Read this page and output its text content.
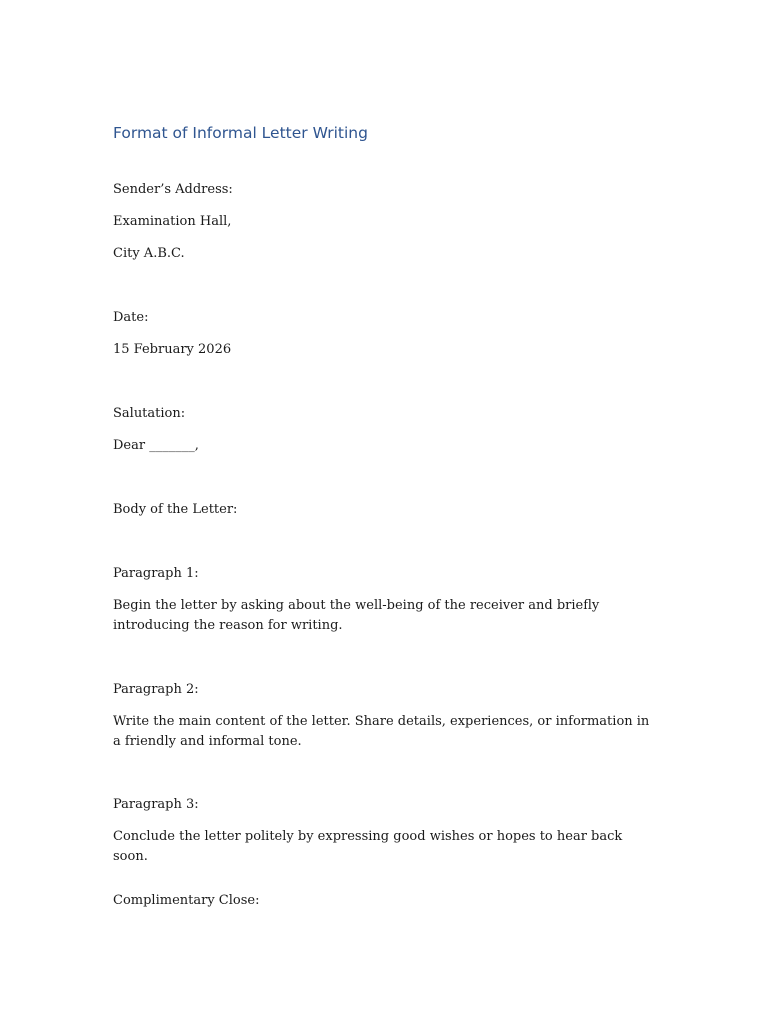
Format of Informal Letter Writing

Sender’s Address:

Examination Hall,

City A.B.C.

Date:

15 February 2026

Salutation:

Dear _______,

Body of the Letter:

Paragraph 1:

Begin the letter by asking about the well-being of the receiver and briefly introducing the reason for writing.

Paragraph 2:

Write the main content of the letter. Share details, experiences, or information in a friendly and informal tone.

Paragraph 3:

Conclude the letter politely by expressing good wishes or hopes to hear back soon.

Complimentary Close:
